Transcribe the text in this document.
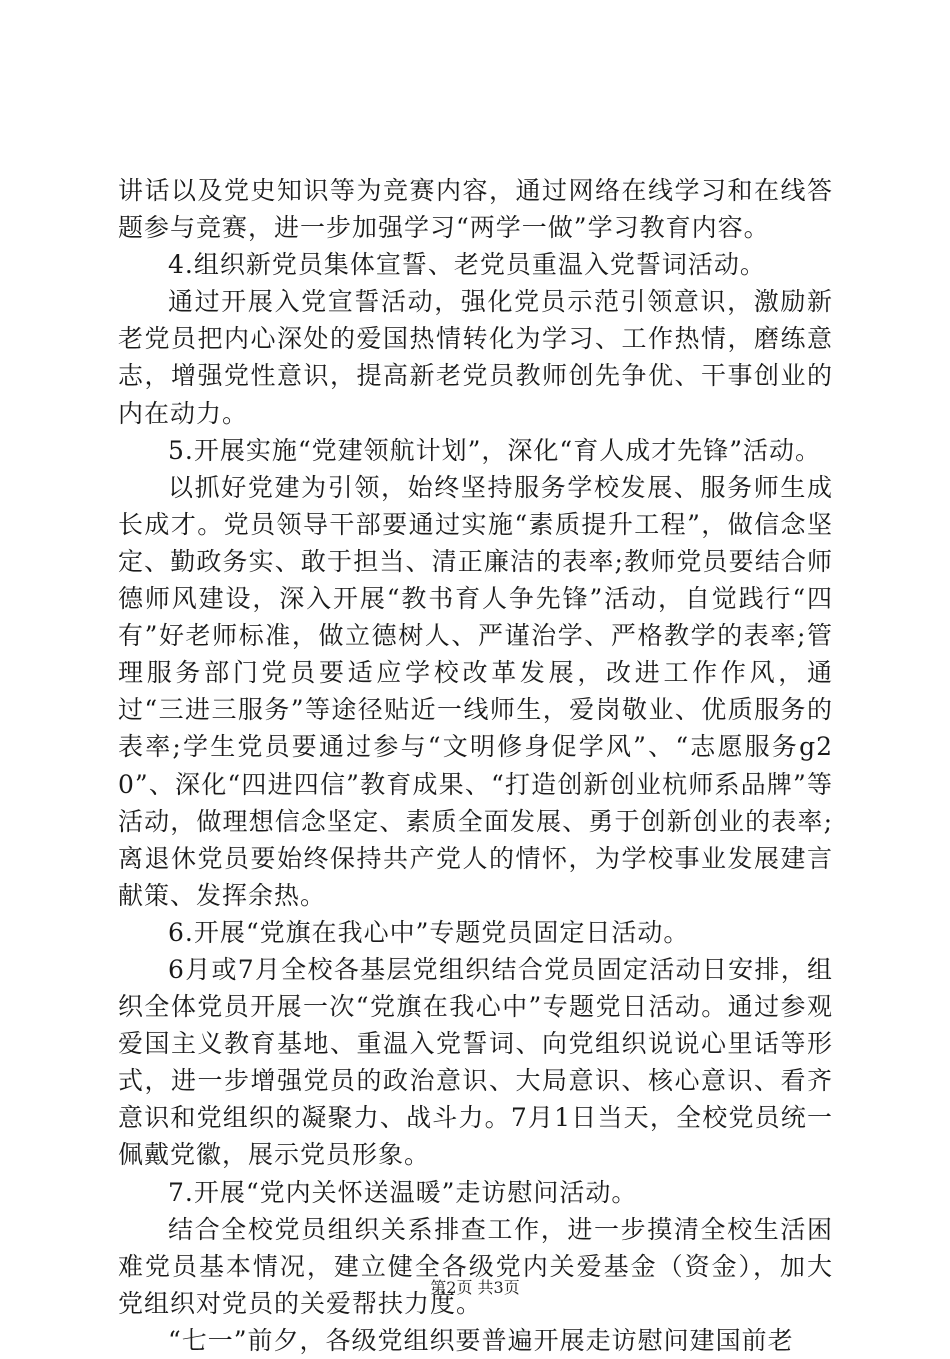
讲话以及党史知识等为竞赛内容，通过网络在线学习和在线答题参与竞赛，进一步加强学习“两学一做”学习教育内容。

4.组织新党员集体宣誓、老党员重温入党誓词活动。

通过开展入党宣誓活动，强化党员示范引领意识，激励新老党员把内心深处的爱国热情转化为学习、工作热情，磨练意志，增强党性意识，提高新老党员教师创先争优、干事创业的内在动力。

5.开展实施“党建领航计划”，深化“育人成才先锋”活动。

以抓好党建为引领，始终坚持服务学校发展、服务师生成长成才。党员领导干部要通过实施“素质提升工程”，做信念坚定、勤政务实、敢于担当、清正廉洁的表率;教师党员要结合师德师风建设，深入开展“教书育人争先锋”活动，自觉践行“四有”好老师标准，做立德树人、严谨治学、严格教学的表率;管理服务部门党员要适应学校改革发展，改进工作作风，通过“三进三服务”等途径贴近一线师生，爱岗敬业、优质服务的表率;学生党员要通过参与“文明修身促学风”、“志愿服务g20”、深化“四进四信”教育成果、“打造创新创业杭师系品牌”等活动，做理想信念坚定、素质全面发展、勇于创新创业的表率;离退休党员要始终保持共产党人的情怀，为学校事业发展建言献策、发挥余热。

6.开展“党旗在我心中”专题党员固定日活动。

6月或7月全校各基层党组织结合党员固定活动日安排，组织全体党员开展一次“党旗在我心中”专题党日活动。通过参观爱国主义教育基地、重温入党誓词、向党组织说说心里话等形式，进一步增强党员的政治意识、大局意识、核心意识、看齐意识和党组织的凝聚力、战斗力。7月1日当天，全校党员统一佩戴党徽，展示党员形象。

7.开展“党内关怀送温暖”走访慰问活动。

结合全校党员组织关系排查工作，进一步摸清全校生活困难党员基本情况，建立健全各级党内关爱基金（资金），加大党组织对党员的关爱帮扶力度。

“七一”前夕，各级党组织要普遍开展走访慰问建国前老

第2页 共3页
